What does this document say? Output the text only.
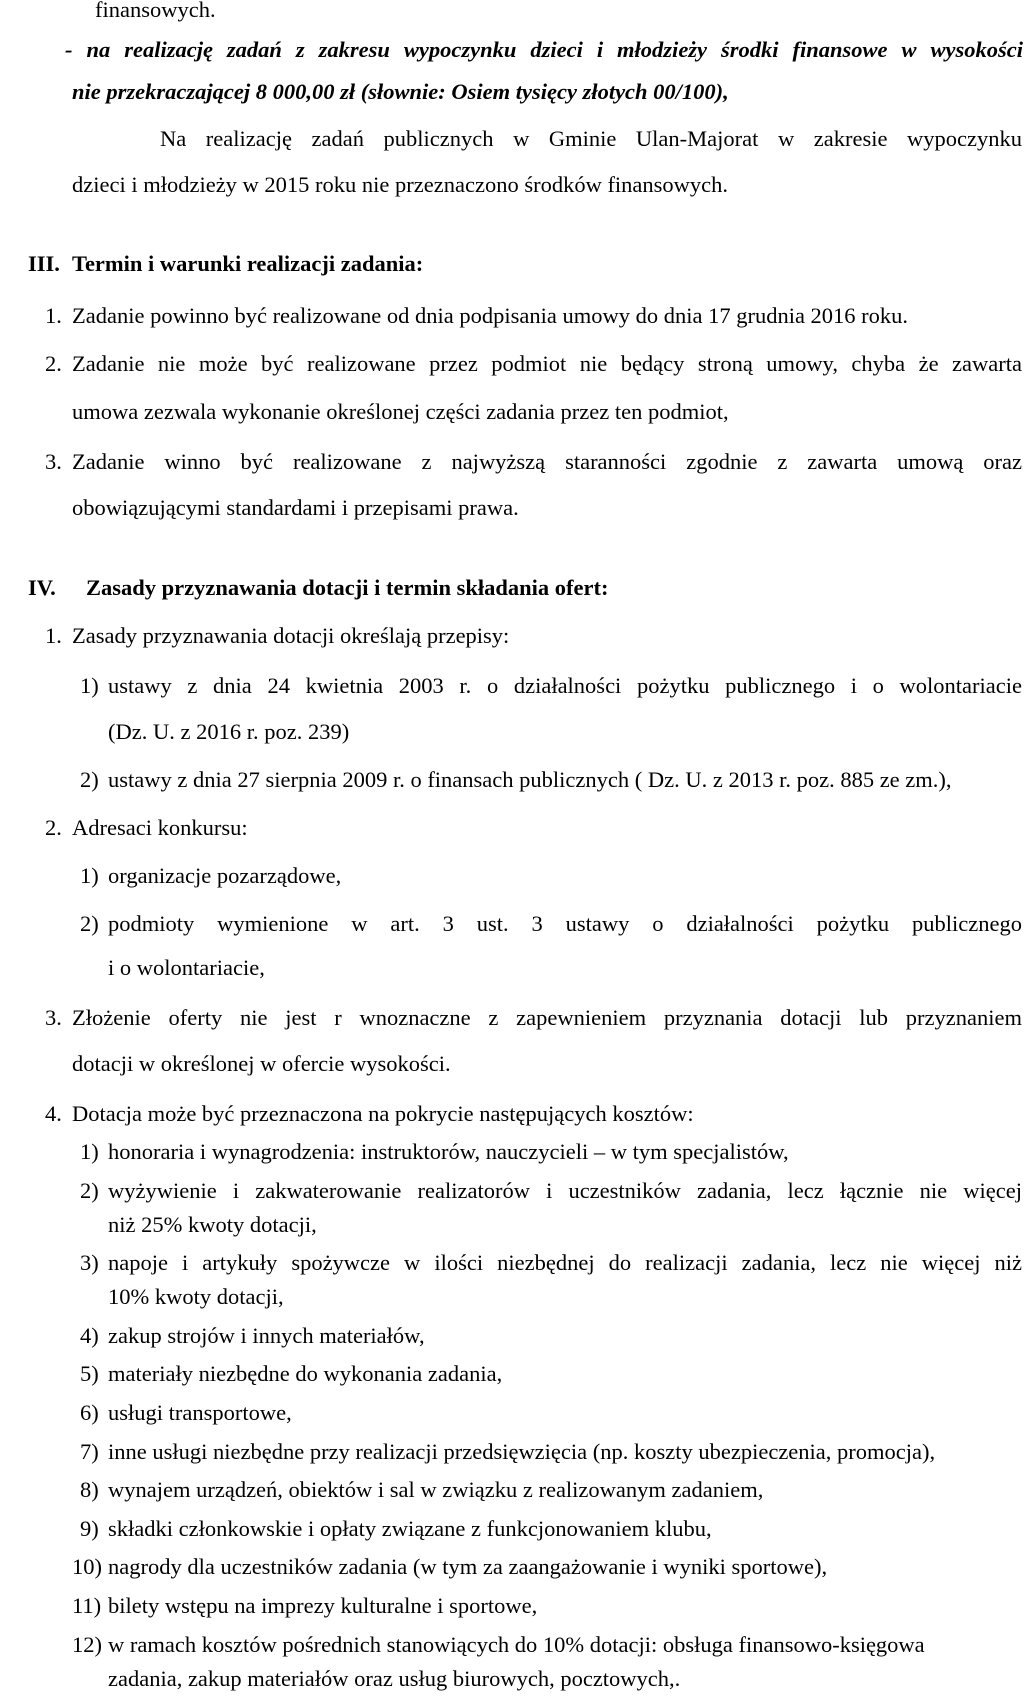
finansowych.
- na realizację zadań z zakresu wypoczynku dzieci i młodzieży środki finansowe w wysokości
nie przekraczającej 8 000,00 zł (słownie: Osiem tysięcy złotych 00/100),
Na realizację zadań publicznych w Gminie Ulan-Majorat w zakresie wypoczynku
dzieci i młodzieży w 2015 roku nie przeznaczono środków finansowych.
III. Termin i warunki realizacji zadania:
1. Zadanie powinno być realizowane od dnia podpisania umowy do dnia 17 grudnia 2016 roku.
2. Zadanie nie może być realizowane przez podmiot nie będący stroną umowy, chyba że zawarta
umowa zezwala wykonanie określonej części zadania przez ten podmiot,
3. Zadanie winno być realizowane z najwyższą staranności zgodnie z zawarta umową oraz
obowiązującymi standardami i przepisami prawa.
IV. Zasady przyznawania dotacji i termin składania ofert:
1. Zasady przyznawania dotacji określają przepisy:
1) ustawy z dnia 24 kwietnia 2003 r. o działalności pożytku publicznego i o wolontariacie
(Dz. U. z 2016 r. poz. 239)
2) ustawy z dnia 27 sierpnia 2009 r. o finansach publicznych ( Dz. U. z 2013 r. poz. 885 ze zm.),
2. Adresaci konkursu:
1) organizacje pozarządowe,
2) podmioty wymienione w art. 3 ust. 3 ustawy o działalności pożytku publicznego
i o wolontariacie,
3. Złożenie oferty nie jest r wnoznaczne z zapewnieniem przyznania dotacji lub przyznaniem
dotacji w określonej w ofercie wysokości.
4. Dotacja może być przeznaczona na pokrycie następujących kosztów:
1) honoraria i wynagrodzenia: instruktorów, nauczycieli – w tym specjalistów,
2) wyżywienie i zakwaterowanie realizatorów i uczestników zadania, lecz łącznie nie więcej
niż 25% kwoty dotacji,
3) napoje i artykuły spożywcze w ilości niezbędnej do realizacji zadania, lecz nie więcej niż
10% kwoty dotacji,
4) zakup strojów i innych materiałów,
5) materiały niezbędne do wykonania zadania,
6) usługi transportowe,
7) inne usługi niezbędne przy realizacji przedsięwzięcia (np. koszty ubezpieczenia, promocja),
8) wynajem urządzeń, obiektów i sal w związku z realizowanym zadaniem,
9) składki członkowskie i opłaty związane z funkcjonowaniem klubu,
10) nagrody dla uczestników zadania (w tym za zaangażowanie i wyniki sportowe),
11) bilety wstępu na imprezy kulturalne i sportowe,
12) w ramach kosztów pośrednich stanowiących do 10% dotacji: obsługa finansowo-księgowa
zadania, zakup materiałów oraz usług biurowych, pocztowych,.
